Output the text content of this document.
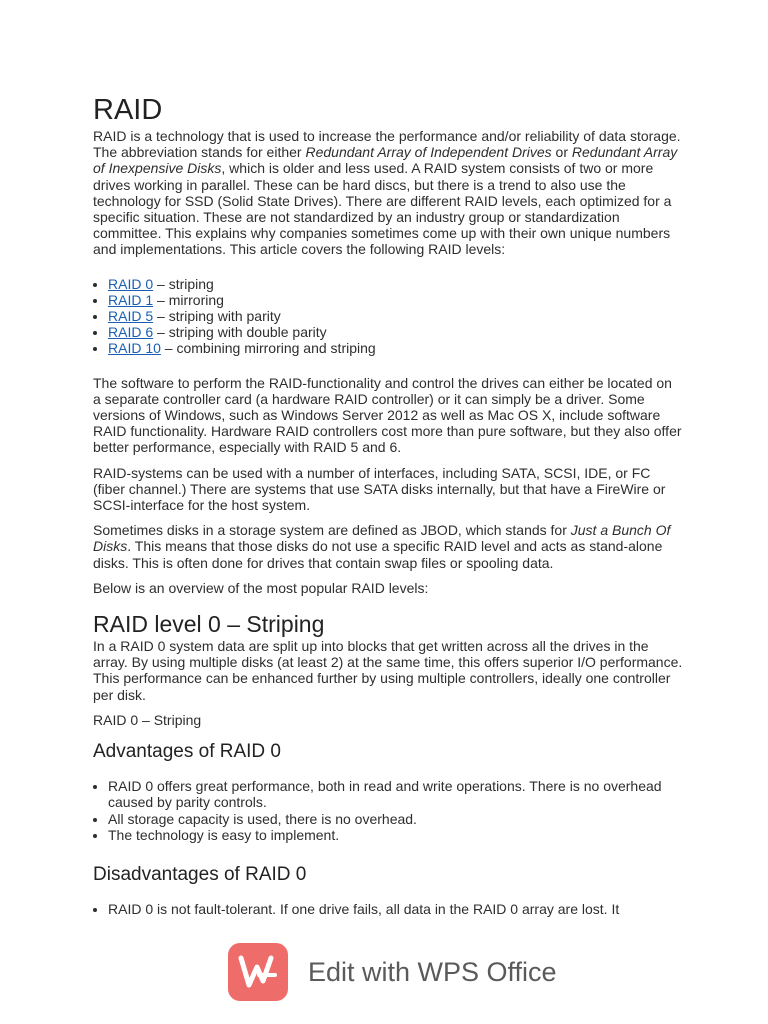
RAID

RAID is a technology that is used to increase the performance and/or reliability of data storage. The abbreviation stands for either Redundant Array of Independent Drives or Redundant Array of Inexpensive Disks, which is older and less used. A RAID system consists of two or more drives working in parallel. These can be hard discs, but there is a trend to also use the technology for SSD (Solid State Drives). There are different RAID levels, each optimized for a specific situation. These are not standardized by an industry group or standardization committee. This explains why companies sometimes come up with their own unique numbers and implementations. This article covers the following RAID levels:

• RAID 0 – striping
• RAID 1 – mirroring
• RAID 5 – striping with parity
• RAID 6 – striping with double parity
• RAID 10 – combining mirroring and striping

The software to perform the RAID-functionality and control the drives can either be located on a separate controller card (a hardware RAID controller) or it can simply be a driver. Some versions of Windows, such as Windows Server 2012 as well as Mac OS X, include software RAID functionality. Hardware RAID controllers cost more than pure software, but they also offer better performance, especially with RAID 5 and 6.

RAID-systems can be used with a number of interfaces, including SATA, SCSI, IDE, or FC (fiber channel.) There are systems that use SATA disks internally, but that have a FireWire or SCSI-interface for the host system.

Sometimes disks in a storage system are defined as JBOD, which stands for Just a Bunch Of Disks. This means that those disks do not use a specific RAID level and acts as stand-alone disks. This is often done for drives that contain swap files or spooling data.

Below is an overview of the most popular RAID levels:

RAID level 0 – Striping

In a RAID 0 system data are split up into blocks that get written across all the drives in the array. By using multiple disks (at least 2) at the same time, this offers superior I/O performance. This performance can be enhanced further by using multiple controllers, ideally one controller per disk.

RAID 0 – Striping

Advantages of RAID 0
• RAID 0 offers great performance, both in read and write operations. There is no overhead caused by parity controls.
• All storage capacity is used, there is no overhead.
• The technology is easy to implement.
Disadvantages of RAID 0
• RAID 0 is not fault-tolerant. If one drive fails, all data in the RAID 0 array are lost. It
Edit with WPS Office
